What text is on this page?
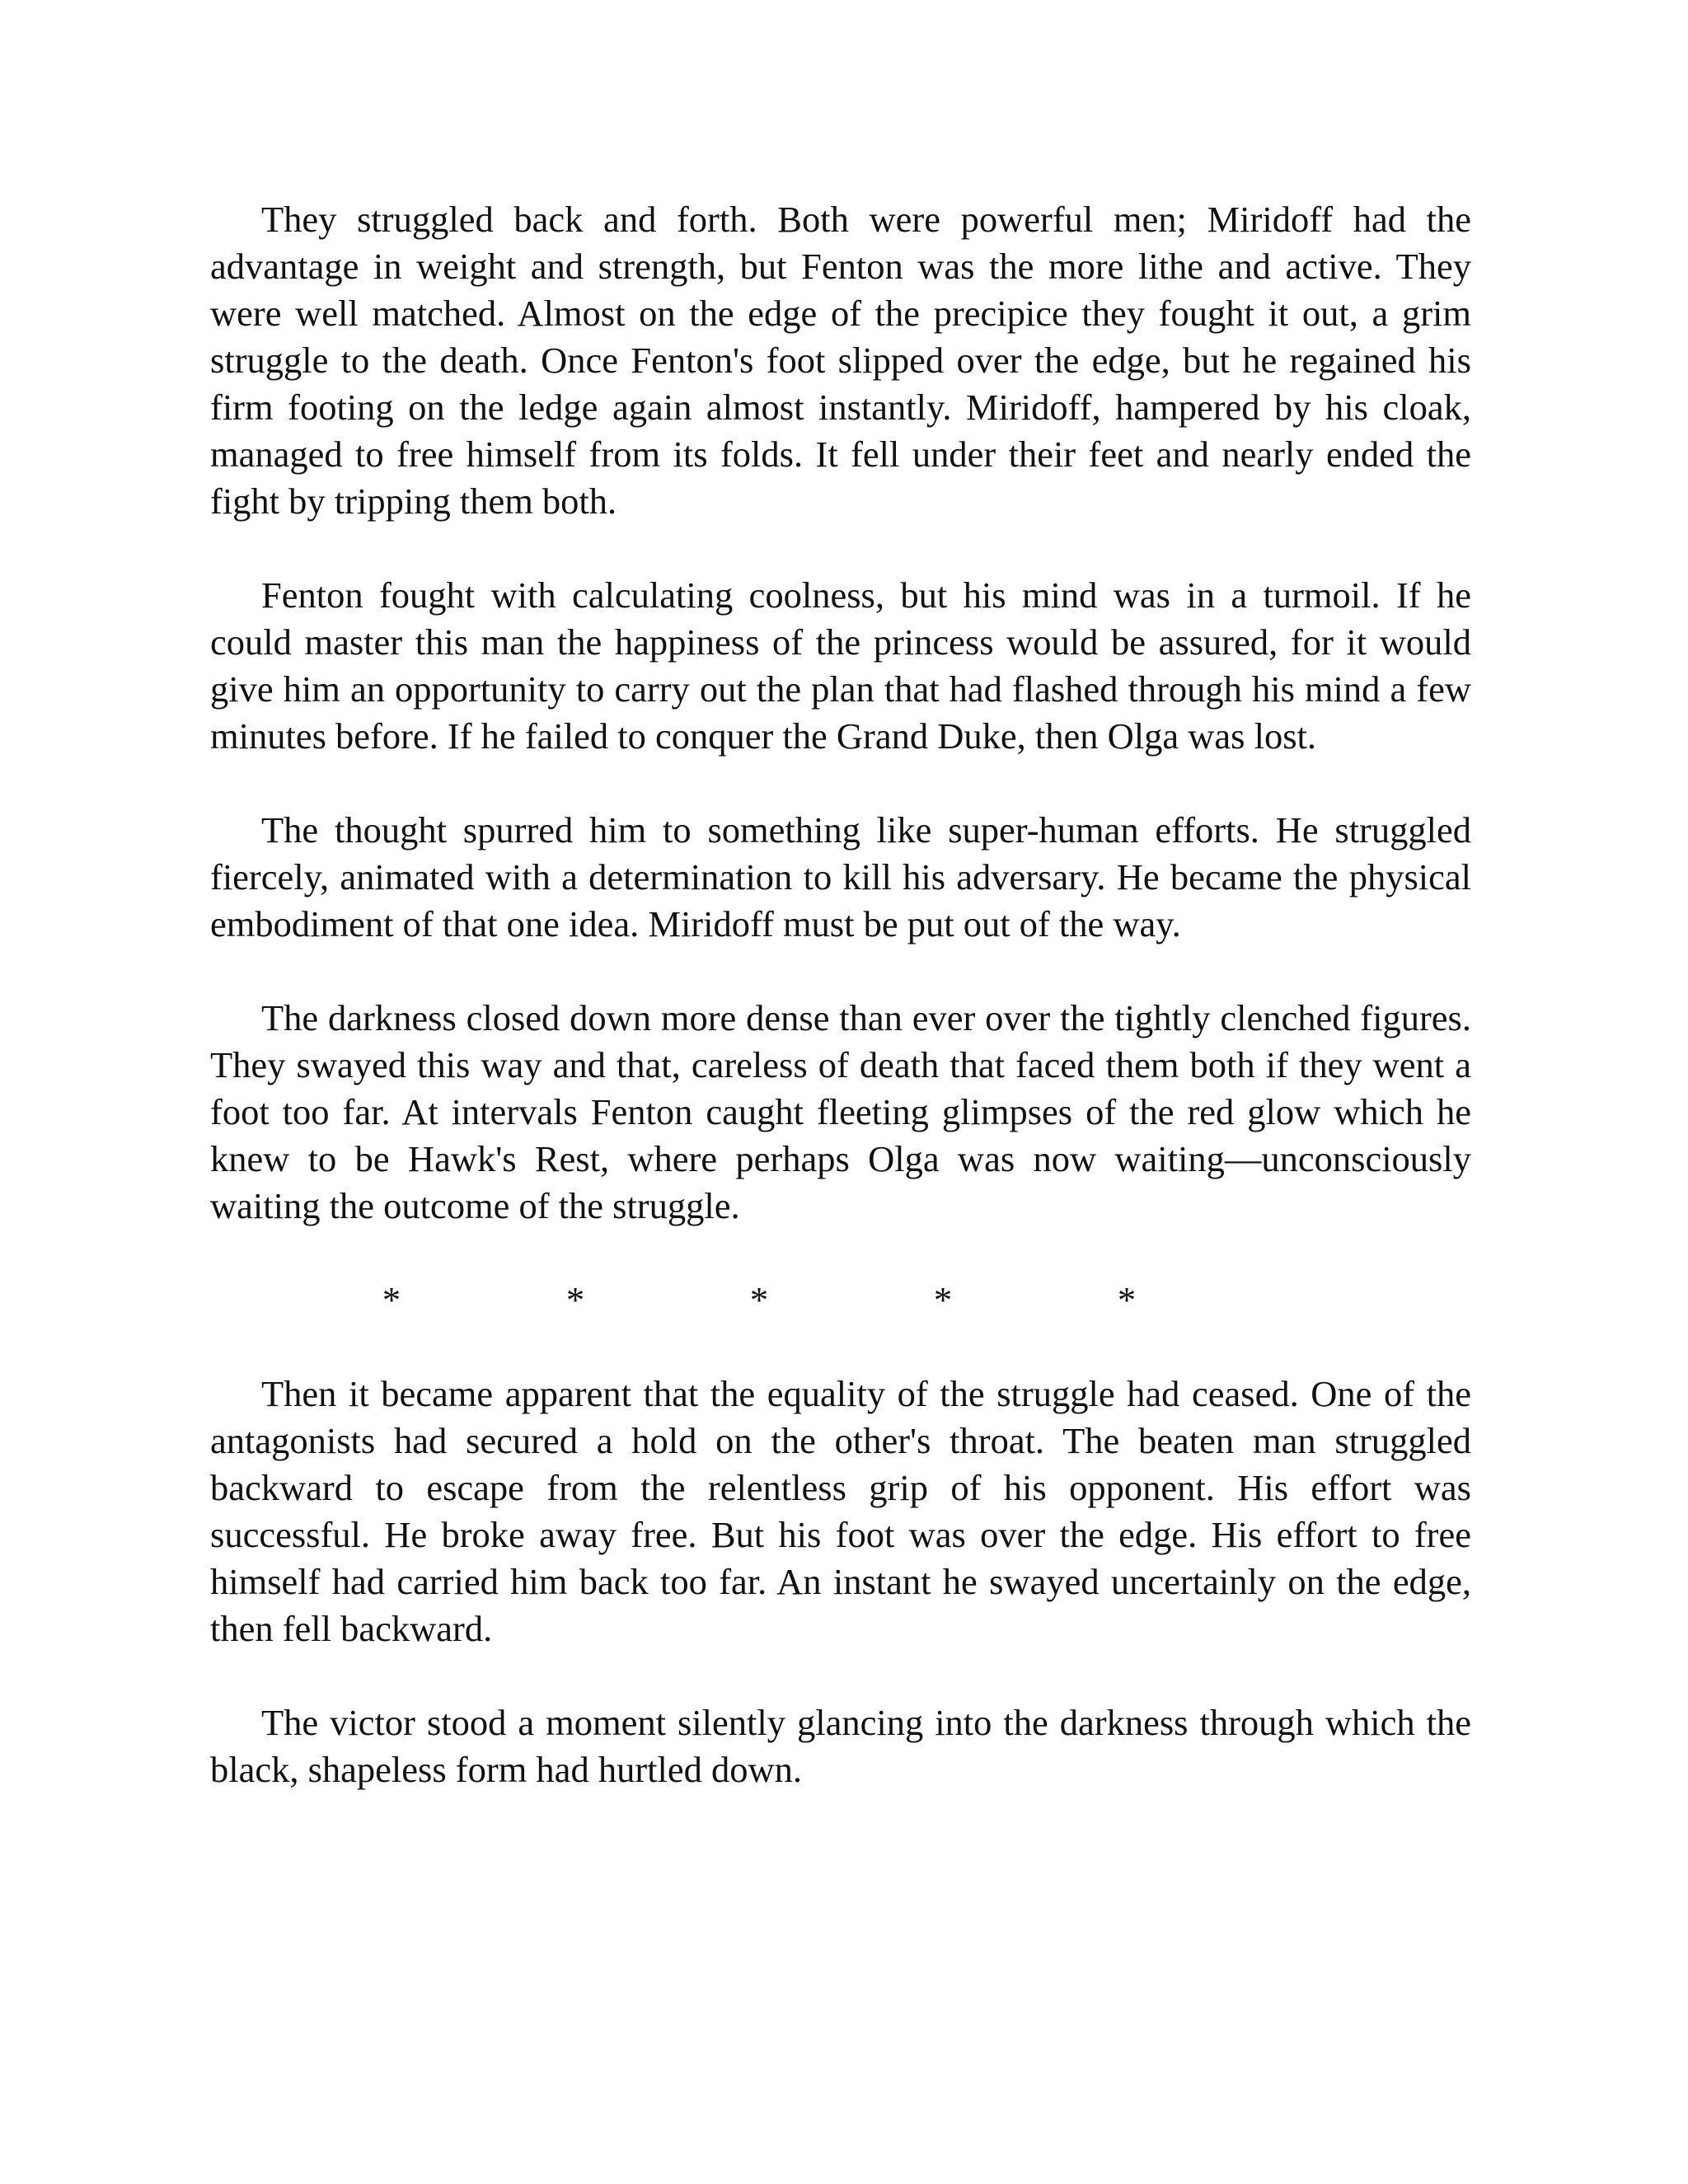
They struggled back and forth. Both were powerful men; Miridoff had the advantage in weight and strength, but Fenton was the more lithe and active. They were well matched. Almost on the edge of the precipice they fought it out, a grim struggle to the death. Once Fenton's foot slipped over the edge, but he regained his firm footing on the ledge again almost instantly. Miridoff, hampered by his cloak, managed to free himself from its folds. It fell under their feet and nearly ended the fight by tripping them both.

Fenton fought with calculating coolness, but his mind was in a turmoil. If he could master this man the happiness of the princess would be assured, for it would give him an opportunity to carry out the plan that had flashed through his mind a few minutes before. If he failed to conquer the Grand Duke, then Olga was lost.

The thought spurred him to something like super-human efforts. He struggled fiercely, animated with a determination to kill his adversary. He became the physical embodiment of that one idea. Miridoff must be put out of the way.

The darkness closed down more dense than ever over the tightly clenched figures. They swayed this way and that, careless of death that faced them both if they went a foot too far. At intervals Fenton caught fleeting glimpses of the red glow which he knew to be Hawk's Rest, where perhaps Olga was now waiting—unconsciously waiting the outcome of the struggle.

*	*	*	*	*

Then it became apparent that the equality of the struggle had ceased. One of the antagonists had secured a hold on the other's throat. The beaten man struggled backward to escape from the relentless grip of his opponent. His effort was successful. He broke away free. But his foot was over the edge. His effort to free himself had carried him back too far. An instant he swayed uncertainly on the edge, then fell backward.

The victor stood a moment silently glancing into the darkness through which the black, shapeless form had hurtled down.
